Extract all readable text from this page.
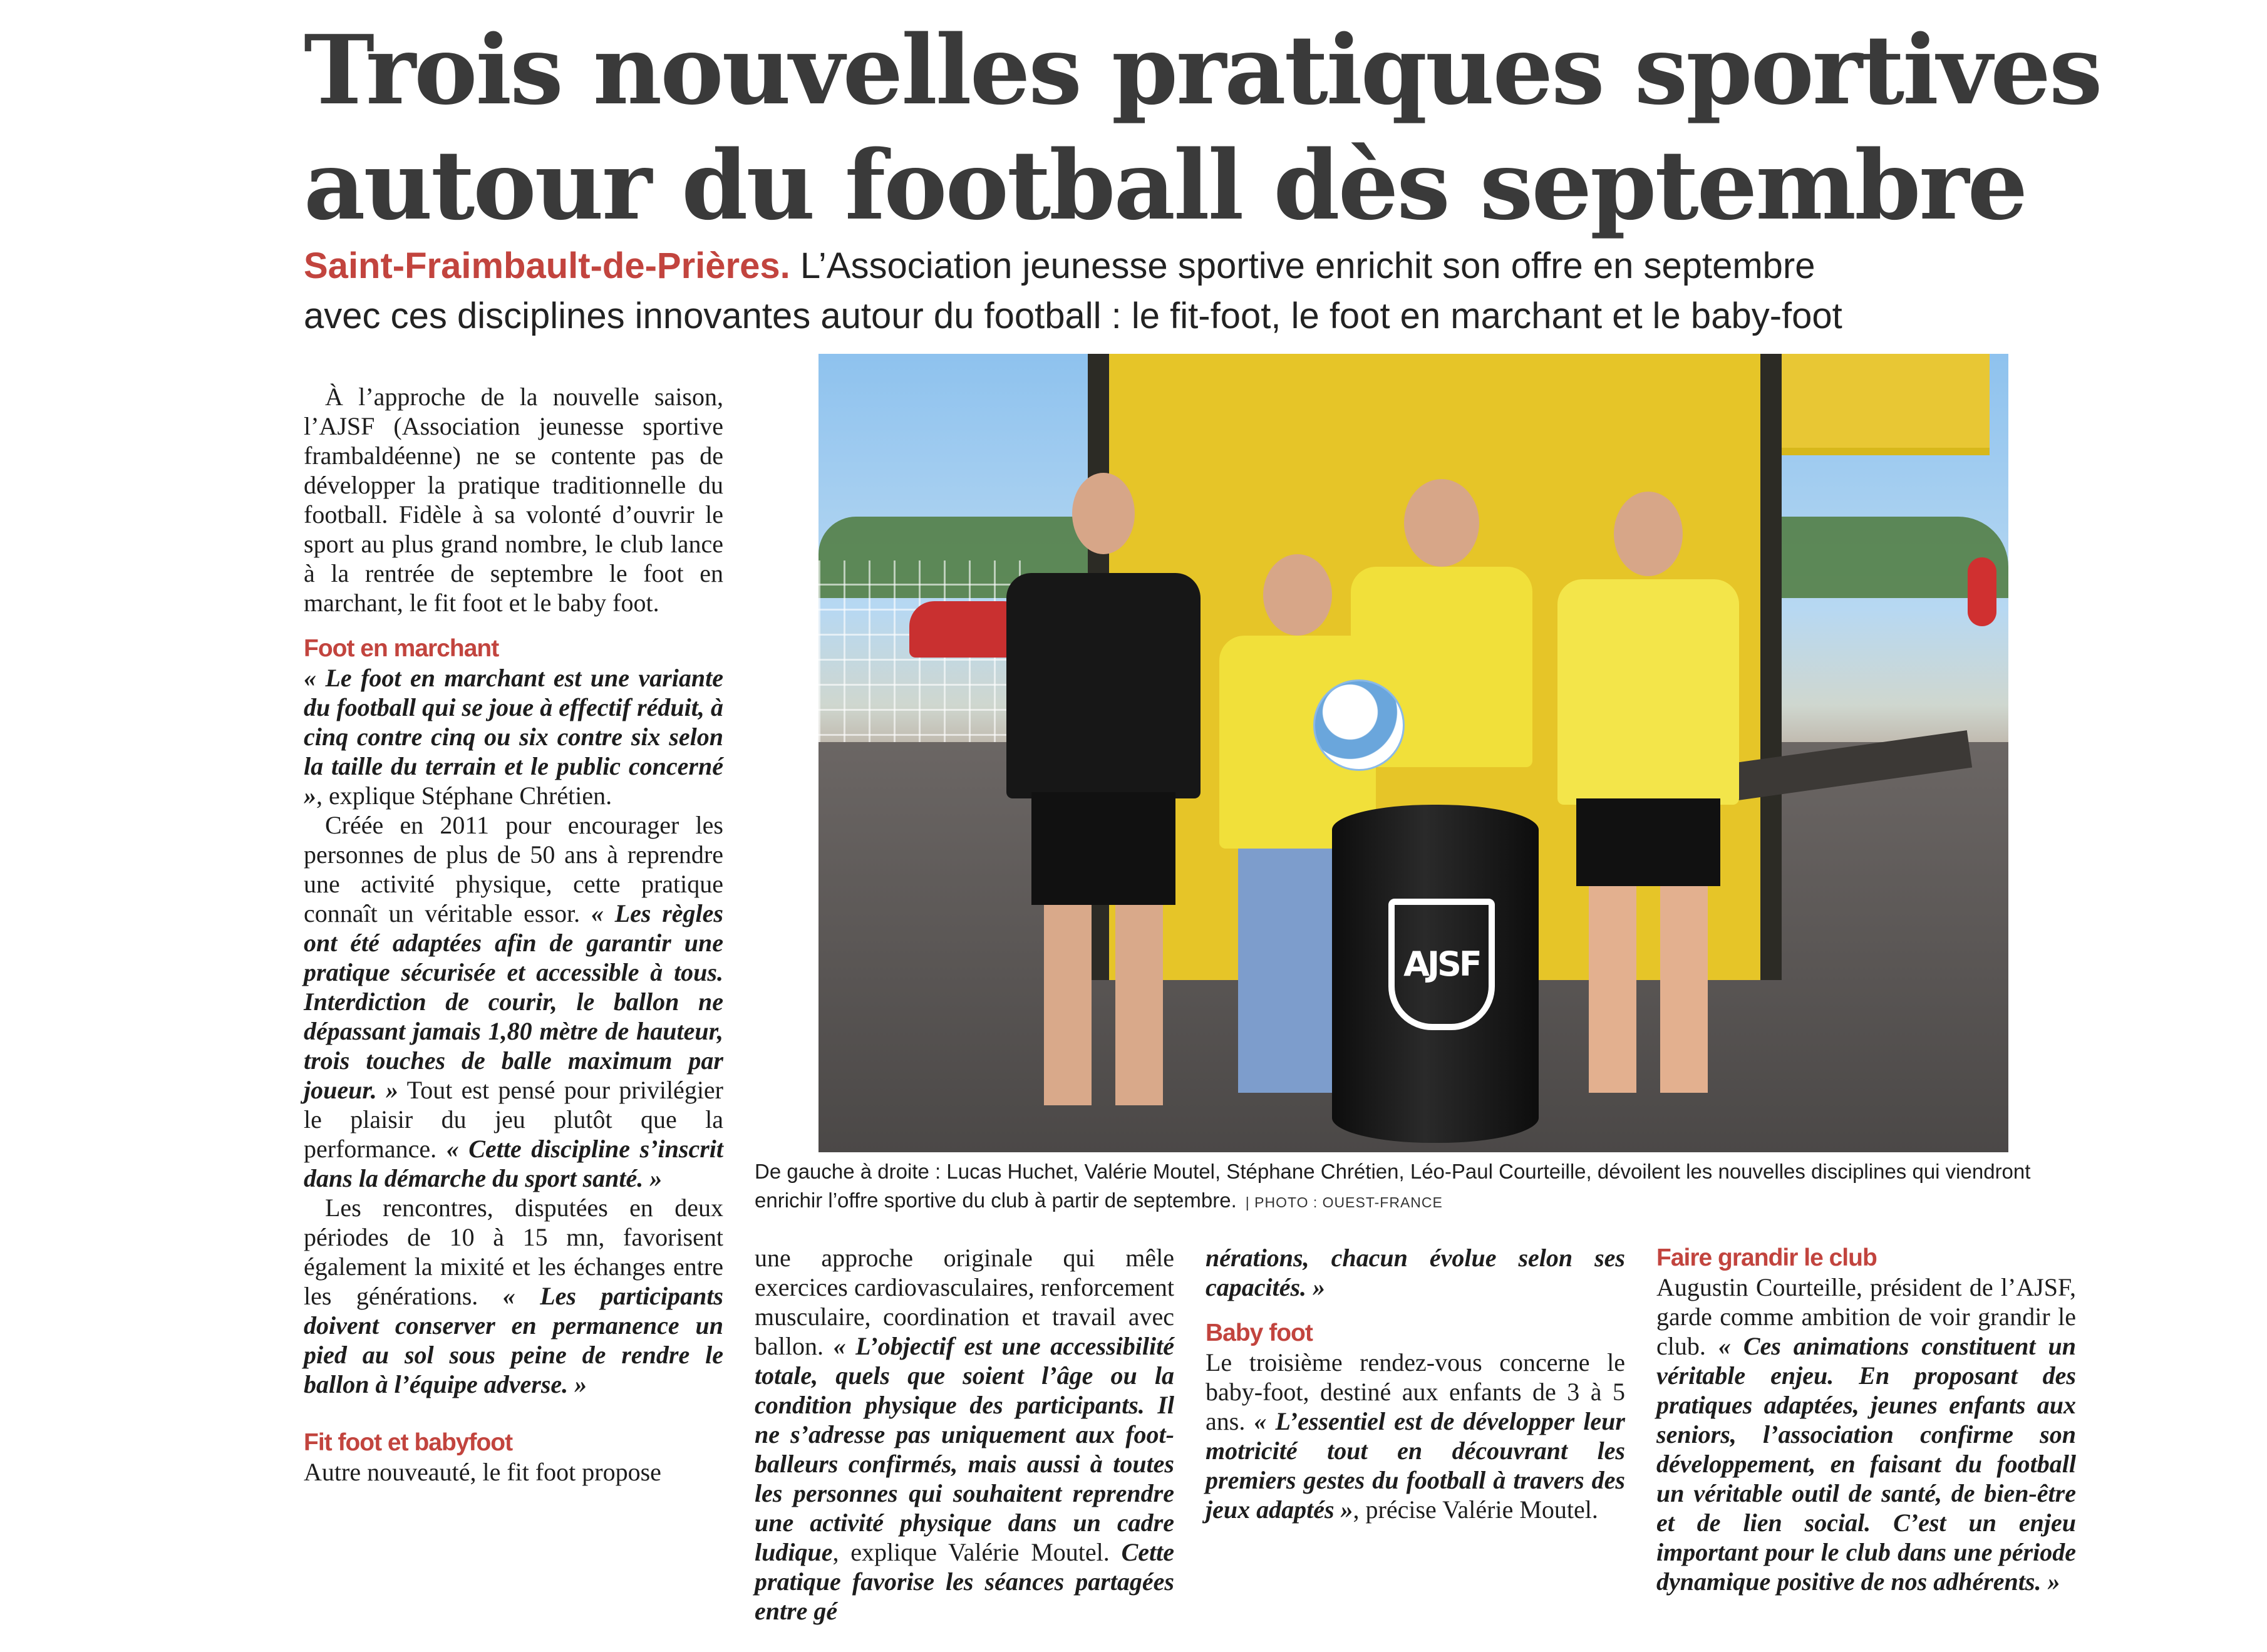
Trois nouvelles pratiques sportives
autour du football dès septembre

Saint-Fraimbault-de-Prières. L’Association jeunesse sportive enrichit son offre en septembre
avec ces disciplines innovantes autour du football : le fit-foot, le foot en marchant et le baby-foot

À l’approche de la nouvelle saison, l’AJSF (Association jeunesse sportive frambaldéenne) ne se contente pas de développer la pratique traditionnelle du football. Fidèle à sa volonté d’ouvrir le sport au plus grand nombre, le club lance à la rentrée de septembre le foot en marchant, le fit foot et le baby foot.

Foot en marchant

« Le foot en marchant est une variante du football qui se joue à effectif réduit, à cinq contre cinq ou six contre six selon la taille du terrain et le public concerné », explique Stéphane Chrétien.

Créée en 2011 pour encourager les personnes de plus de 50 ans à reprendre une activité physique, cette pratique connaît un véritable essor. « Les règles ont été adaptées afin de garantir une pratique sécurisée et accessible à tous. Interdiction de courir, le ballon ne dépassant jamais 1,80 mètre de hauteur, trois touches de balle maximum par joueur. » Tout est pensé pour privilégier le plaisir du jeu plutôt que la performance. « Cette discipline s’inscrit dans la démarche du sport santé. »

Les rencontres, disputées en deux périodes de 10 à 15 mn, favorisent également la mixité et les échanges entre les générations. « Les participants doivent conserver en permanence un pied au sol sous peine de rendre le ballon à l’équipe adverse. »

Fit foot et babyfoot

Autre nouveauté, le fit foot propose

AJSF

De gauche à droite : Lucas Huchet, Valérie Moutel, Stéphane Chrétien, Léo-Paul Courteille, dévoilent les nouvelles disciplines qui viendront enrichir l’offre sportive du club à partir de septembre. | PHOTO : OUEST-FRANCE

une approche originale qui mêle exercices cardiovasculaires, renforcement musculaire, coordination et travail avec ballon. « L’objectif est une accessibilité totale, quels que soient l’âge ou la condition physique des participants. Il ne s’adresse pas uniquement aux footballeurs confirmés, mais aussi à toutes les personnes qui souhaitent reprendre une activité physique dans un cadre ludique, explique Valérie Moutel. Cette pratique favorise les séances partagées entre gé

nérations, chacun évolue selon ses capacités. »

Baby foot

Le troisième rendez-vous concerne le baby-foot, destiné aux enfants de 3 à 5 ans. « L’essentiel est de développer leur motricité tout en découvrant les premiers gestes du football à travers des jeux adaptés », précise Valérie Moutel.

Faire grandir le club

Augustin Courteille, président de l’AJSF, garde comme ambition de voir grandir le club. « Ces animations constituent un véritable enjeu. En proposant des pratiques adaptées, jeunes enfants aux seniors, l’association confirme son développement, en faisant du football un véritable outil de santé, de bien-être et de lien social. C’est un enjeu important pour le club dans une période dynamique positive de nos adhérents. »
